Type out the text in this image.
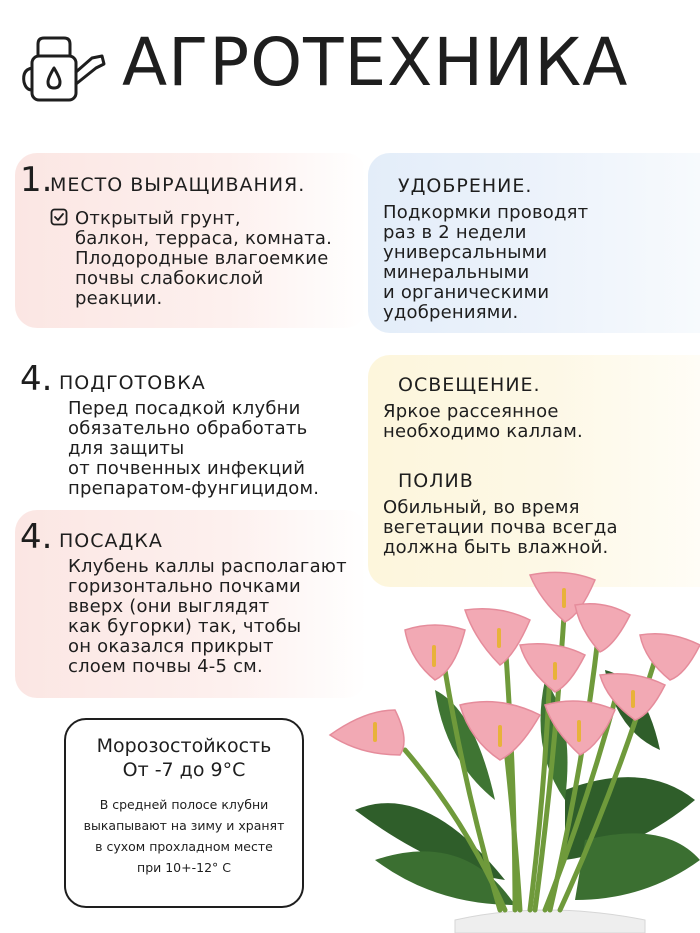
АГРОТЕХНИКА
1.
МЕСТО ВЫРАЩИВАНИЯ.
Открытый грунт,
балкон, терраса, комната.
Плодородные влагоемкие
почвы слабокислой
реакции.
4. ПОДГОТОВКА
Перед посадкой клубни
обязательно обработать
для защиты
от почвенных инфекций
препаратом-фунгицидом.
4. ПОСАДКА
Клубень каллы располагают
горизонтально почками
вверх (они выглядят
как бугорки) так, чтобы
он оказался прикрыт
слоем почвы 4-5 см.
УДОБРЕНИЕ.
Подкормки проводят
раз в 2 недели
универсальными
минеральными
и органическими
удобрениями.
ОСВЕЩЕНИЕ.
Яркое рассеянное
необходимо каллам.
ПОЛИВ
Обильный, во время
вегетации почва всегда
должна быть влажной.
Морозостойкость
От -7 до 9°С
В средней полосе клубни
выкапывают на зиму и хранят
в сухом прохладном месте
при 10+-12° С
